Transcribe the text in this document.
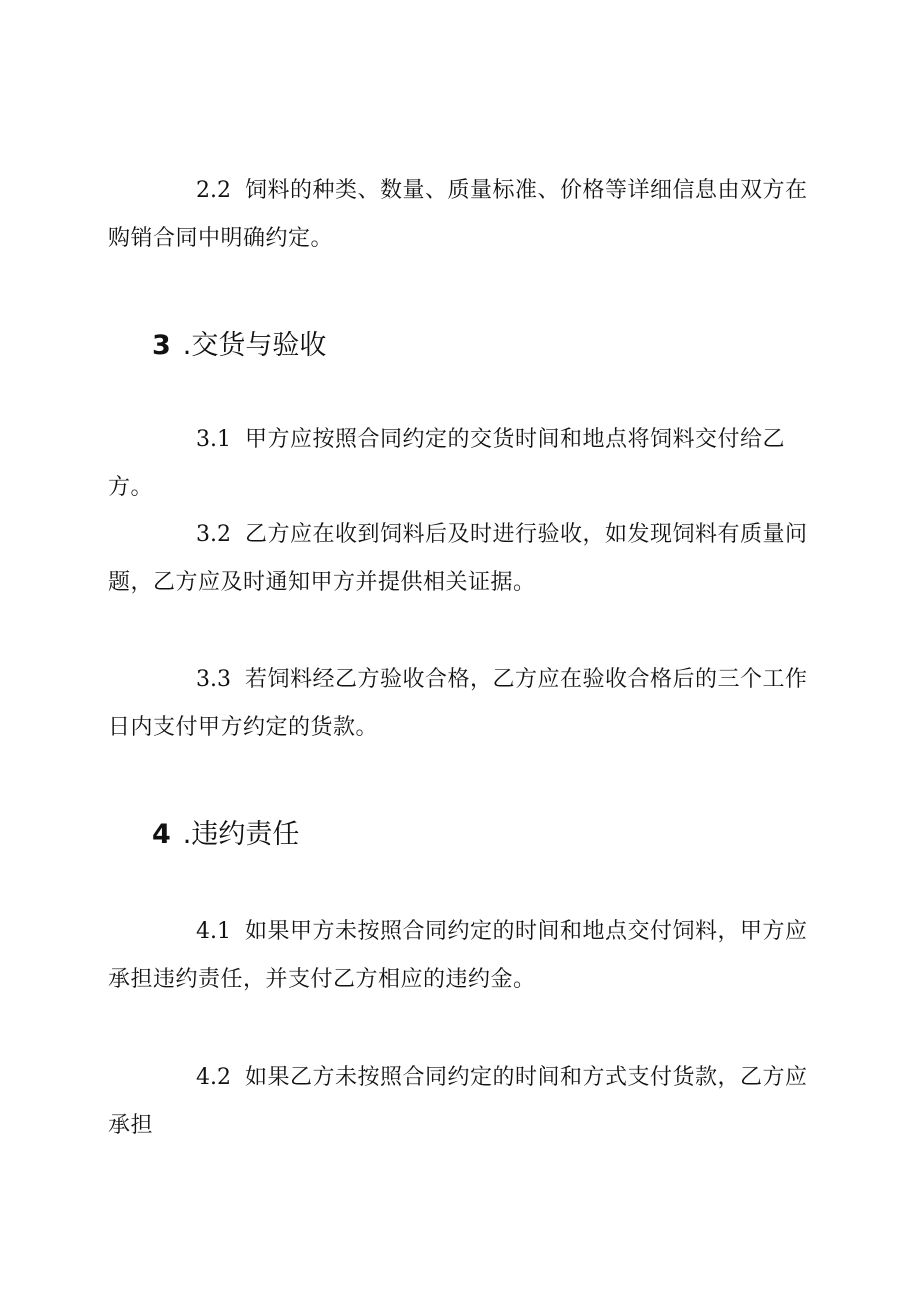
2.2 饲料的种类、数量、质量标准、价格等详细信息由双方在购销合同中明确约定。

3 .交货与验收

3.1 甲方应按照合同约定的交货时间和地点将饲料交付给乙方。

3.2 乙方应在收到饲料后及时进行验收，如发现饲料有质量问题，乙方应及时通知甲方并提供相关证据。

3.3 若饲料经乙方验收合格，乙方应在验收合格后的三个工作日内支付甲方约定的货款。

4 .违约责任

4.1 如果甲方未按照合同约定的时间和地点交付饲料，甲方应承担违约责任，并支付乙方相应的违约金。

4.2 如果乙方未按照合同约定的时间和方式支付货款，乙方应承担
